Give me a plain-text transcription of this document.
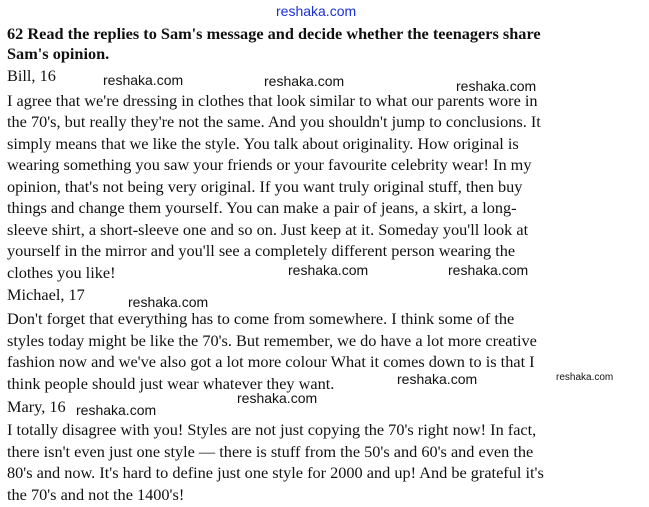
reshaka.com
62 Read the replies to Sam's message and decide whether the teenagers share
Sam's opinion.
Bill, 16
I agree that we're dressing in clothes that look similar to what our parents wore in
the 70's, but really they're not the same. And you shouldn't jump to conclusions. It
simply means that we like the style. You talk about originality. How original is
wearing something you saw your friends or your favourite celebrity wear! In my
opinion, that's not being very original. If you want truly original stuff, then buy
things and change them yourself. You can make a pair of jeans, a skirt, a long-
sleeve shirt, a short-sleeve one and so on. Just keep at it. Someday you'll look at
yourself in the mirror and you'll see a completely different person wearing the
clothes you like!
Michael, 17
Don't forget that everything has to come from somewhere. I think some of the
styles today might be like the 70's. But remember, we do have a lot more creative
fashion now and we've also got a lot more colour What it comes down to is that I
think people should just wear whatever they want.
Mary, 16
I totally disagree with you! Styles are not just copying the 70's right now! In fact,
there isn't even just one style — there is stuff from the 50's and 60's and even the
80's and now. It's hard to define just one style for 2000 and up! And be grateful it's
the 70's and not the 1400's!
reshaka.com	reshaka.com	reshaka.com
reshaka.com	reshaka.com
reshaka.com
reshaka.com	reshaka.com
reshaka.com
reshaka.com
